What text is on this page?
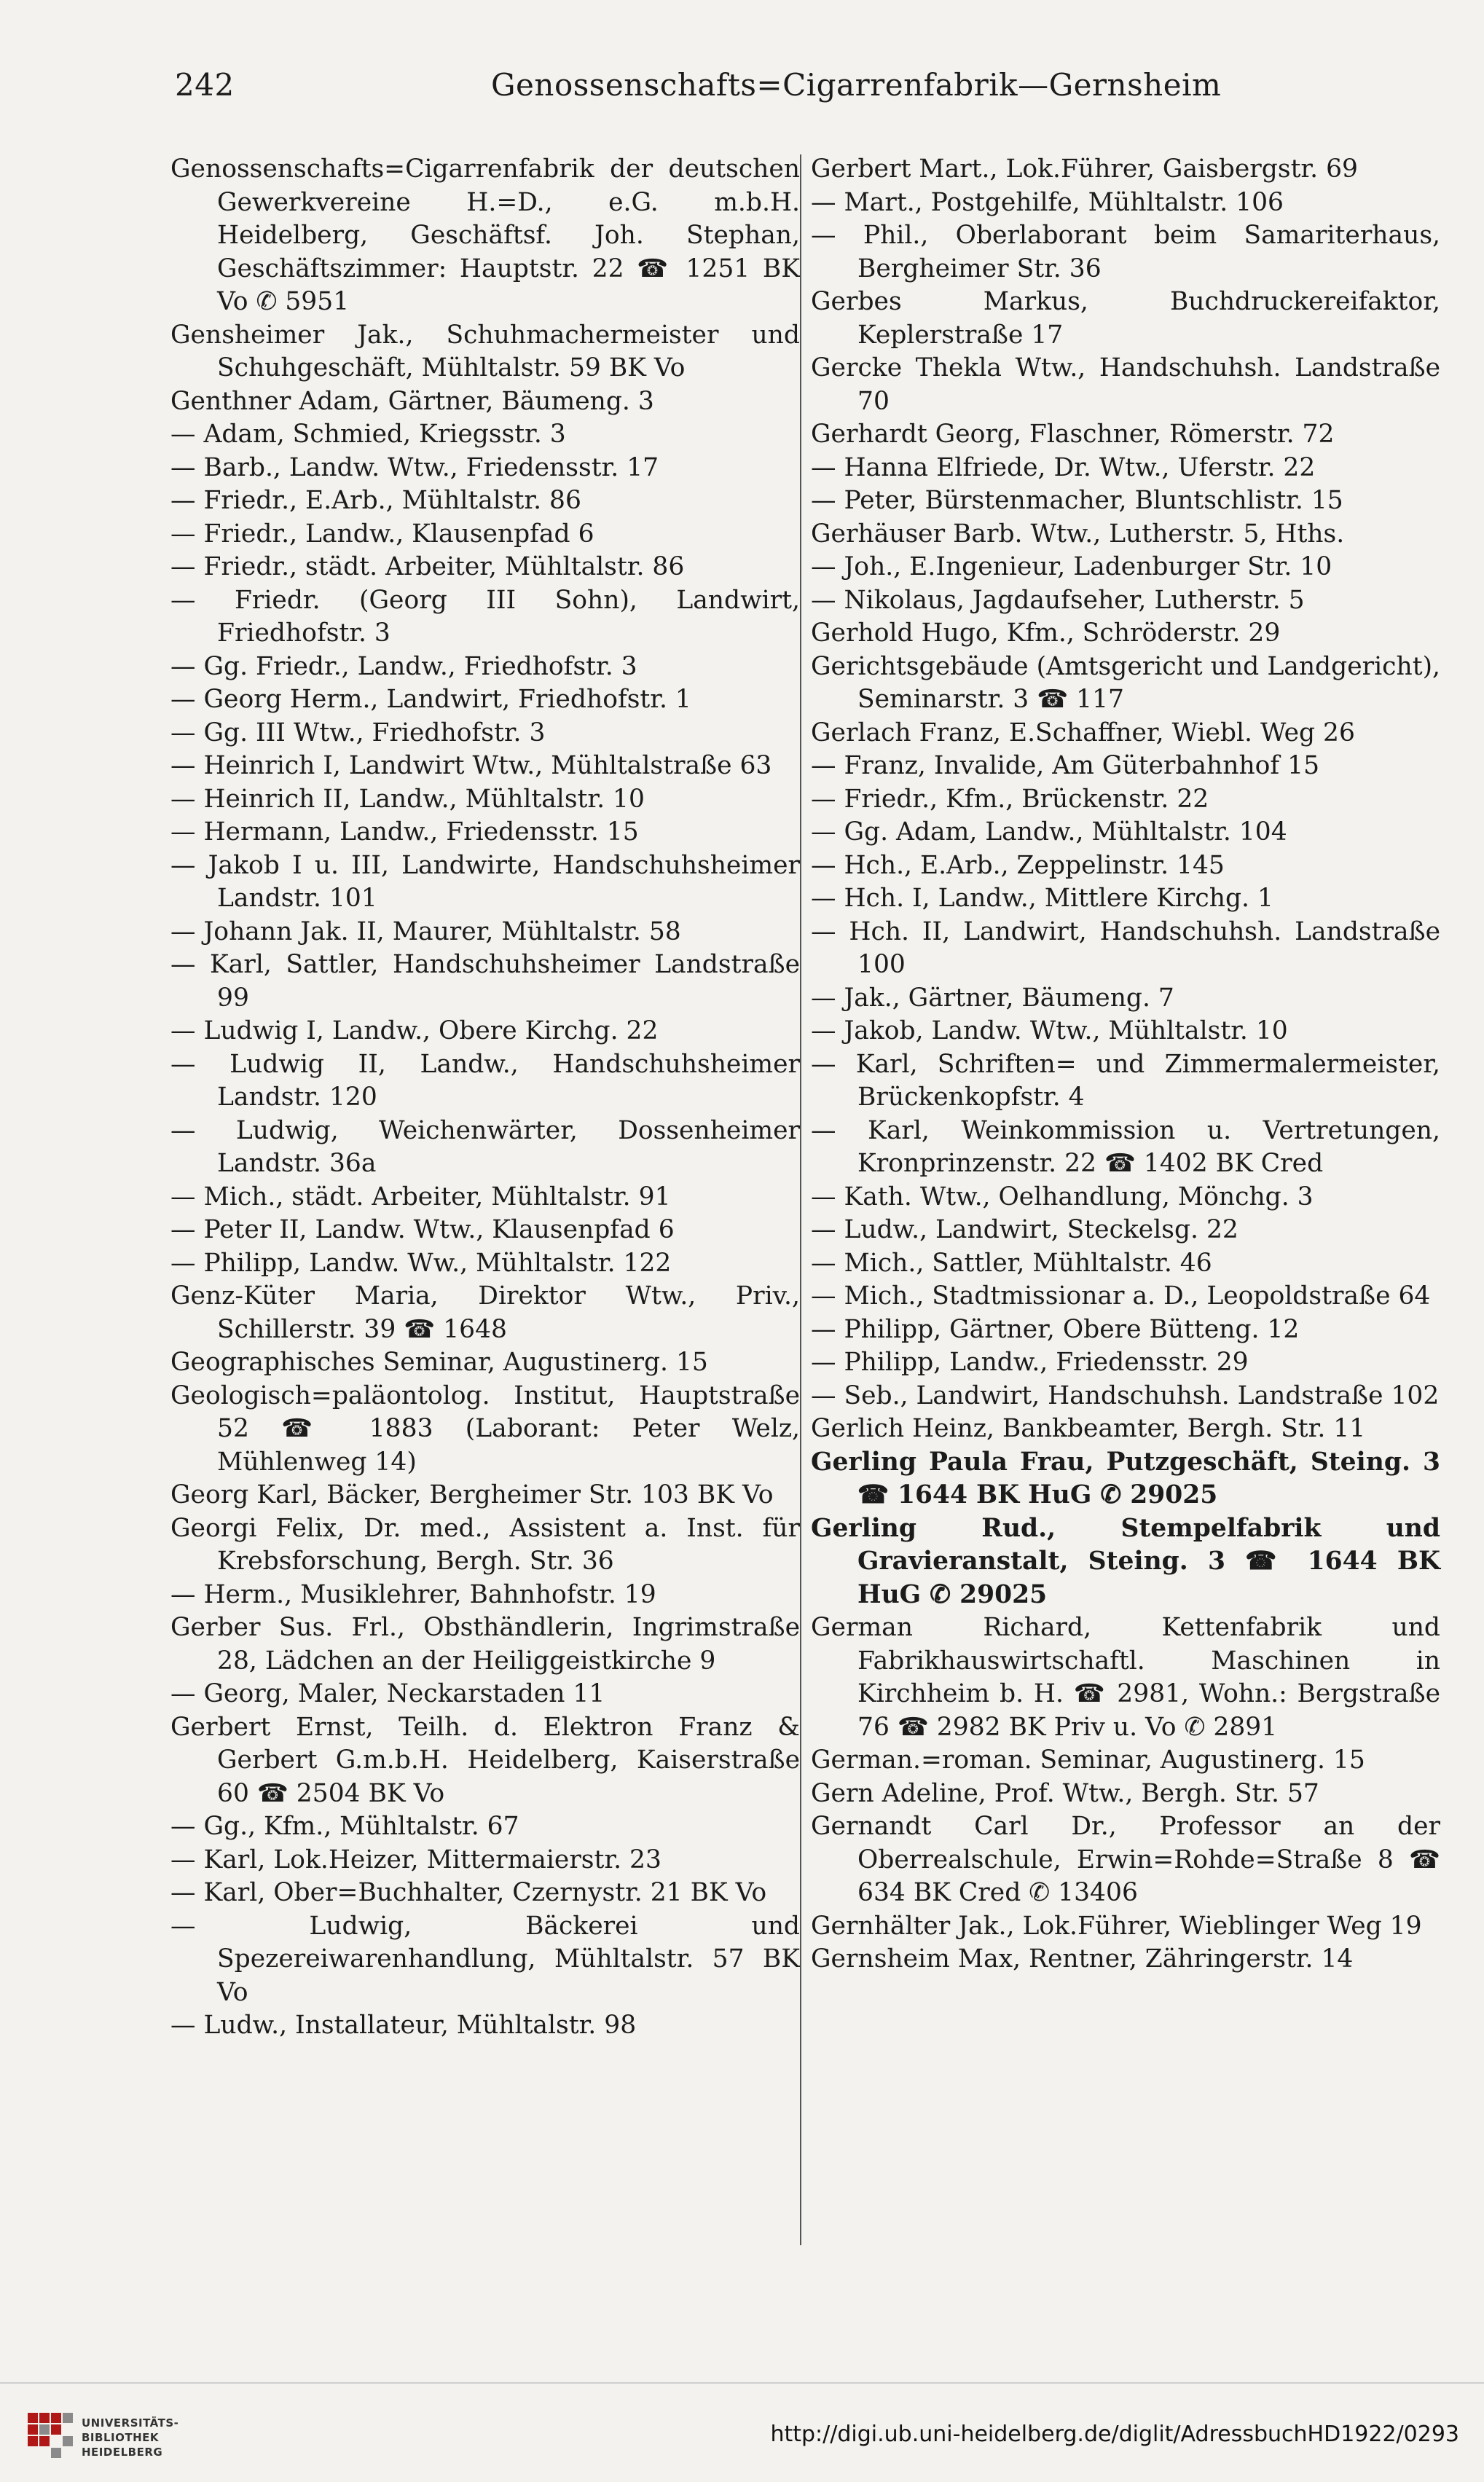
242	Genossenschafts=Cigarrenfabrik—Gernsheim
Genossenschafts=Cigarrenfabrik der deutschen Gewerkvereine H.=D., e.G. m.b.H. Heidelberg, Geschäftsf. Joh. Stephan, Geschäftszimmer: Hauptstr. 22 ☎ 1251 BK Vo ✆ 5951
Gensheimer Jak., Schuhmachermeister und Schuhgeschäft, Mühltalstr. 59 BK Vo
Genthner Adam, Gärtner, Bäumeng. 3
— Adam, Schmied, Kriegsstr. 3
— Barb., Landw. Wtw., Friedensstr. 17
— Friedr., E.Arb., Mühltalstr. 86
— Friedr., Landw., Klausenpfad 6
— Friedr., städt. Arbeiter, Mühltalstr. 86
— Friedr. (Georg III Sohn), Landwirt, Friedhofstr. 3
— Gg. Friedr., Landw., Friedhofstr. 3
— Georg Herm., Landwirt, Friedhofstr. 1
— Gg. III Wtw., Friedhofstr. 3
— Heinrich I, Landwirt Wtw., Mühltalstraße 63
— Heinrich II, Landw., Mühltalstr. 10
— Hermann, Landw., Friedensstr. 15
— Jakob I u. III, Landwirte, Handschuhsheimer Landstr. 101
— Johann Jak. II, Maurer, Mühltalstr. 58
— Karl, Sattler, Handschuhsheimer Landstraße 99
— Ludwig I, Landw., Obere Kirchg. 22
— Ludwig II, Landw., Handschuhsheimer Landstr. 120
— Ludwig, Weichenwärter, Dossenheimer Landstr. 36a
— Mich., städt. Arbeiter, Mühltalstr. 91
— Peter II, Landw. Wtw., Klausenpfad 6
— Philipp, Landw. Ww., Mühltalstr. 122
Genz-Küter Maria, Direktor Wtw., Priv., Schillerstr. 39 ☎ 1648
Geographisches Seminar, Augustinerg. 15
Geologisch=paläontolog. Institut, Hauptstraße 52 ☎ 1883 (Laborant: Peter Welz, Mühlenweg 14)
Georg Karl, Bäcker, Bergheimer Str. 103 BK Vo
Georgi Felix, Dr. med., Assistent a. Inst. für Krebsforschung, Bergh. Str. 36
— Herm., Musiklehrer, Bahnhofstr. 19
Gerber Sus. Frl., Obsthändlerin, Ingrimstraße 28, Lädchen an der Heiliggeistkirche 9
— Georg, Maler, Neckarstaden 11
Gerbert Ernst, Teilh. d. Elektron Franz & Gerbert G.m.b.H. Heidelberg, Kaiserstraße 60 ☎ 2504 BK Vo
— Gg., Kfm., Mühltalstr. 67
— Karl, Lok.Heizer, Mittermaierstr. 23
— Karl, Ober=Buchhalter, Czernystr. 21 BK Vo
— Ludwig, Bäckerei und Spezereiwarenhandlung, Mühltalstr. 57 BK Vo
— Ludw., Installateur, Mühltalstr. 98
Gerbert Mart., Lok.Führer, Gaisbergstr. 69
— Mart., Postgehilfe, Mühltalstr. 106
— Phil., Oberlaborant beim Samariterhaus, Bergheimer Str. 36
Gerbes Markus, Buchdruckereifaktor, Keplerstraße 17
Gercke Thekla Wtw., Handschuhsh. Landstraße 70
Gerhardt Georg, Flaschner, Römerstr. 72
— Hanna Elfriede, Dr. Wtw., Uferstr. 22
— Peter, Bürstenmacher, Bluntschlistr. 15
Gerhäuser Barb. Wtw., Lutherstr. 5, Hths.
— Joh., E.Ingenieur, Ladenburger Str. 10
— Nikolaus, Jagdaufseher, Lutherstr. 5
Gerhold Hugo, Kfm., Schröderstr. 29
Gerichtsgebäude (Amtsgericht und Landgericht), Seminarstr. 3 ☎ 117
Gerlach Franz, E.Schaffner, Wiebl. Weg 26
— Franz, Invalide, Am Güterbahnhof 15
— Friedr., Kfm., Brückenstr. 22
— Gg. Adam, Landw., Mühltalstr. 104
— Hch., E.Arb., Zeppelinstr. 145
— Hch. I, Landw., Mittlere Kirchg. 1
— Hch. II, Landwirt, Handschuhsh. Landstraße 100
— Jak., Gärtner, Bäumeng. 7
— Jakob, Landw. Wtw., Mühltalstr. 10
— Karl, Schriften= und Zimmermalermeister, Brückenkopfstr. 4
— Karl, Weinkommission u. Vertretungen, Kronprinzenstr. 22 ☎ 1402 BK Cred
— Kath. Wtw., Oelhandlung, Mönchg. 3
— Ludw., Landwirt, Steckelsg. 22
— Mich., Sattler, Mühltalstr. 46
— Mich., Stadtmissionar a. D., Leopoldstraße 64
— Philipp, Gärtner, Obere Bütteng. 12
— Philipp, Landw., Friedensstr. 29
— Seb., Landwirt, Handschuhsh. Landstraße 102
Gerlich Heinz, Bankbeamter, Bergh. Str. 11
Gerling Paula Frau, Putzgeschäft, Steing. 3 ☎ 1644 BK HuG ✆ 29025
Gerling Rud., Stempelfabrik und Gravieranstalt, Steing. 3 ☎ 1644 BK HuG ✆ 29025
German Richard, Kettenfabrik und Fabrikhauswirtschaftl. Maschinen in Kirchheim b. H. ☎ 2981, Wohn.: Bergstraße 76 ☎ 2982 BK Priv u. Vo ✆ 2891
German.=roman. Seminar, Augustinerg. 15
Gern Adeline, Prof. Wtw., Bergh. Str. 57
Gernandt Carl Dr., Professor an der Oberrealschule, Erwin=Rohde=Straße 8 ☎ 634 BK Cred ✆ 13406
Gernhälter Jak., Lok.Führer, Wieblinger Weg 19
Gernsheim Max, Rentner, Zähringerstr. 14
UNIVERSITÄTS-
BIBLIOTHEK
HEIDELBERG
http://digi.ub.uni-heidelberg.de/diglit/AdressbuchHD1922/0293
